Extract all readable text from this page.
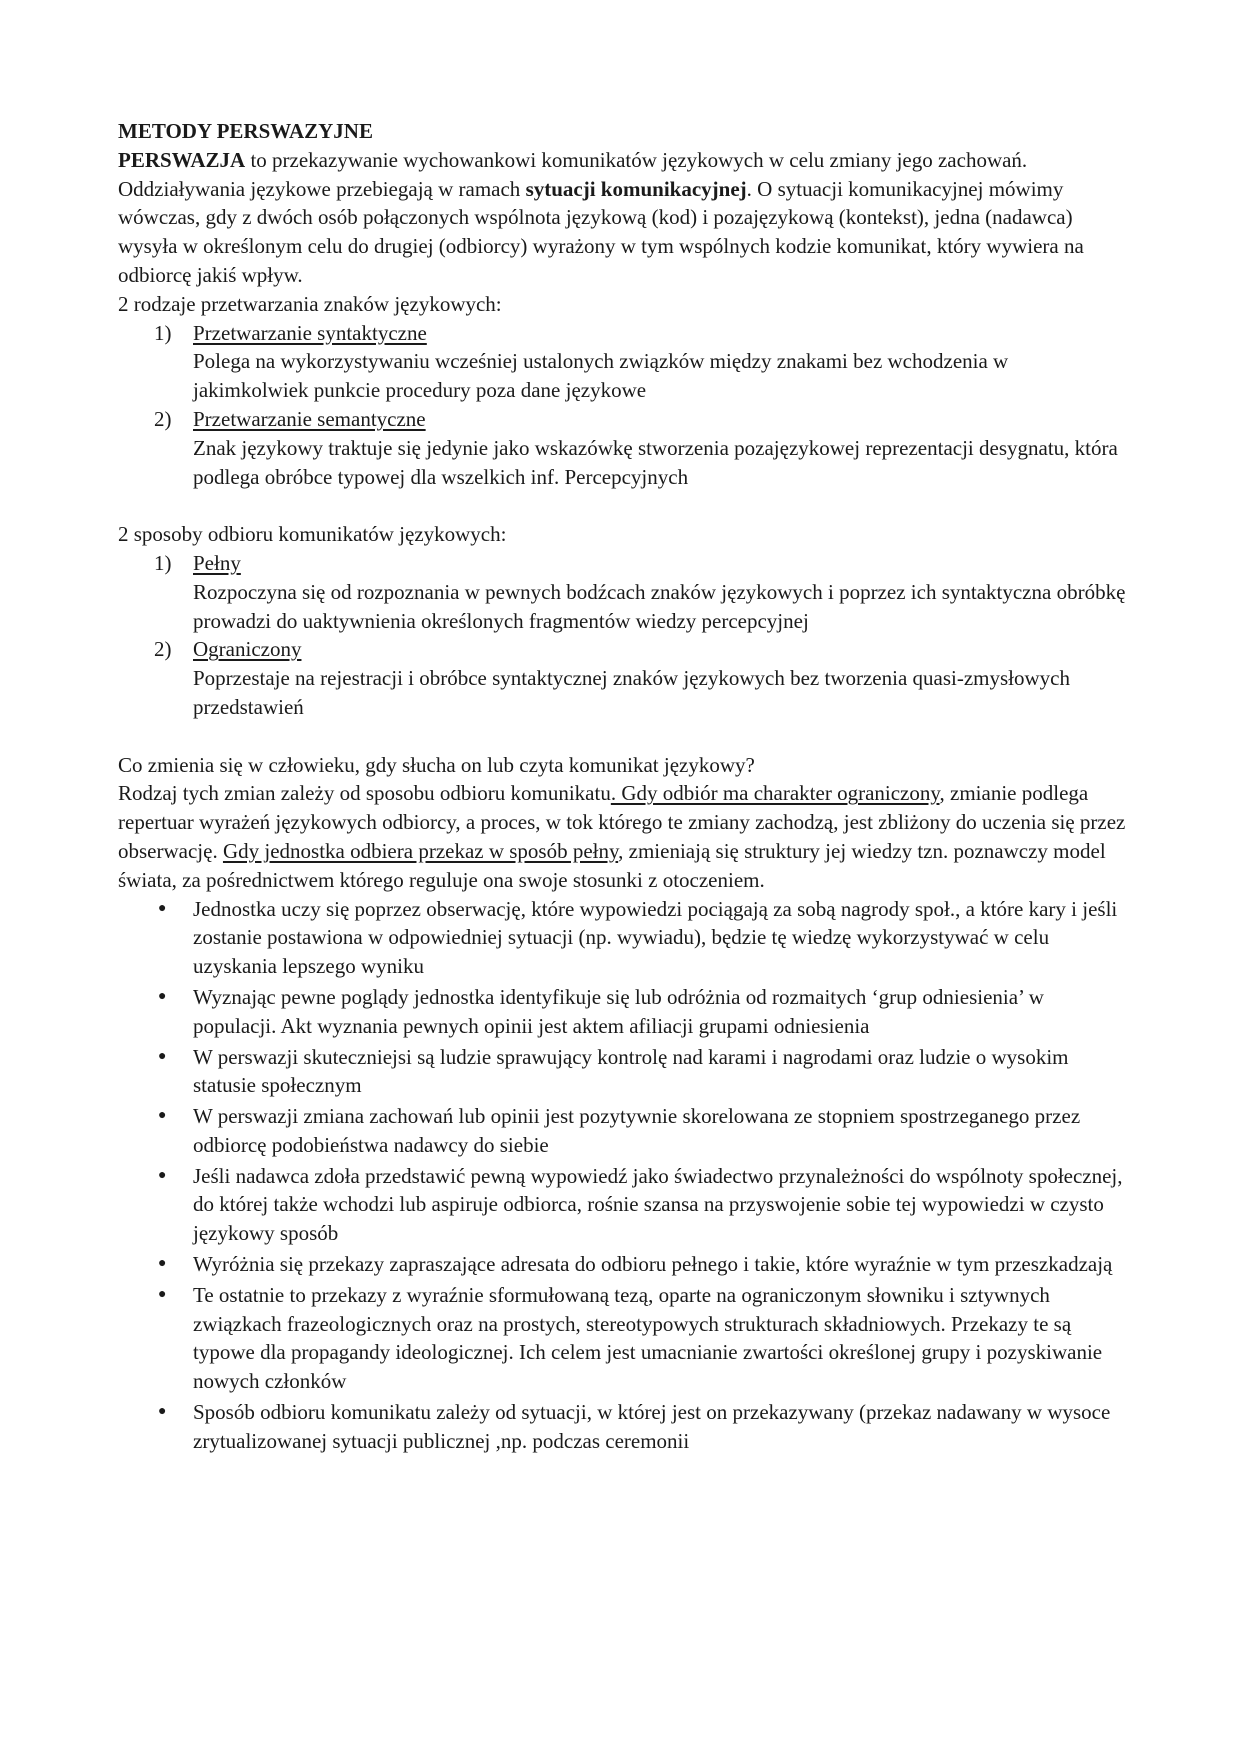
METODY PERSWAZYJNE

PERSWAZJA to przekazywanie wychowankowi komunikatów językowych w celu zmiany jego zachowań.

Oddziaływania językowe przebiegają w ramach sytuacji komunikacyjnej. O sytuacji komunikacyjnej mówimy wówczas, gdy z dwóch osób połączonych wspólnota językową (kod) i pozajęzykową (kontekst), jedna (nadawca) wysyła w określonym celu do drugiej (odbiorcy) wyrażony w tym wspólnych kodzie komunikat, który wywiera na odbiorcę jakiś wpływ.

2 rodzaje przetwarzania znaków językowych:

1) Przetwarzanie syntaktyczne
Polega na wykorzystywaniu wcześniej ustalonych związków między znakami bez wchodzenia w jakimkolwiek punkcie procedury poza dane językowe
2) Przetwarzanie semantyczne
Znak językowy traktuje się jedynie jako wskazówkę stworzenia pozajęzykowej reprezentacji desygnatu, która podlega obróbce typowej dla wszelkich inf. Percepcyjnych

2 sposoby odbioru komunikatów językowych:

1) Pełny
Rozpoczyna się od rozpoznania w pewnych bodźcach znaków językowych i poprzez ich syntaktyczna obróbkę prowadzi do uaktywnienia określonych fragmentów wiedzy percepcyjnej
2) Ograniczony
Poprzestaje na rejestracji i obróbce syntaktycznej znaków językowych bez tworzenia quasi-zmysłowych przedstawień

Co zmienia się w człowieku, gdy słucha on lub czyta komunikat językowy?

Rodzaj tych zmian zależy od sposobu odbioru komunikatu. Gdy odbiór ma charakter ograniczony, zmianie podlega repertuar wyrażeń językowych odbiorcy, a proces, w tok którego te zmiany zachodzą, jest zbliżony do uczenia się przez obserwację. Gdy jednostka odbiera przekaz w sposób pełny, zmieniają się struktury jej wiedzy tzn. poznawczy model świata, za pośrednictwem którego reguluje ona swoje stosunki z otoczeniem.

● Jednostka uczy się poprzez obserwację, które wypowiedzi pociągają za sobą nagrody społ., a które kary i jeśli zostanie postawiona w odpowiedniej sytuacji (np. wywiadu), będzie tę wiedzę wykorzystywać w celu uzyskania lepszego wyniku
● Wyznając pewne poglądy jednostka identyfikuje się lub odróżnia od rozmaitych ‘grup odniesienia’ w populacji. Akt wyznania pewnych opinii jest aktem afiliacji grupami odniesienia
● W perswazji skuteczniejsi są ludzie sprawujący kontrolę nad karami i nagrodami oraz ludzie o wysokim statusie społecznym
● W perswazji zmiana zachowań lub opinii jest pozytywnie skorelowana ze stopniem spostrzeganego przez odbiorcę podobieństwa nadawcy do siebie
● Jeśli nadawca zdoła przedstawić pewną wypowiedź jako świadectwo przynależności do wspólnoty społecznej, do której także wchodzi lub aspiruje odbiorca, rośnie szansa na przyswojenie sobie tej wypowiedzi w czysto językowy sposób
● Wyróżnia się przekazy zapraszające adresata do odbioru pełnego i takie, które wyraźnie w tym przeszkadzają
● Te ostatnie to przekazy z wyraźnie sformułowaną tezą, oparte na ograniczonym słowniku i sztywnych związkach frazeologicznych oraz na prostych, stereotypowych strukturach składniowych. Przekazy te są typowe dla propagandy ideologicznej. Ich celem jest umacnianie zwartości określonej grupy i pozyskiwanie nowych członków
● Sposób odbioru komunikatu zależy od sytuacji, w której jest on przekazywany (przekaz nadawany w wysoce zrytualizowanej sytuacji publicznej ,np. podczas ceremonii
